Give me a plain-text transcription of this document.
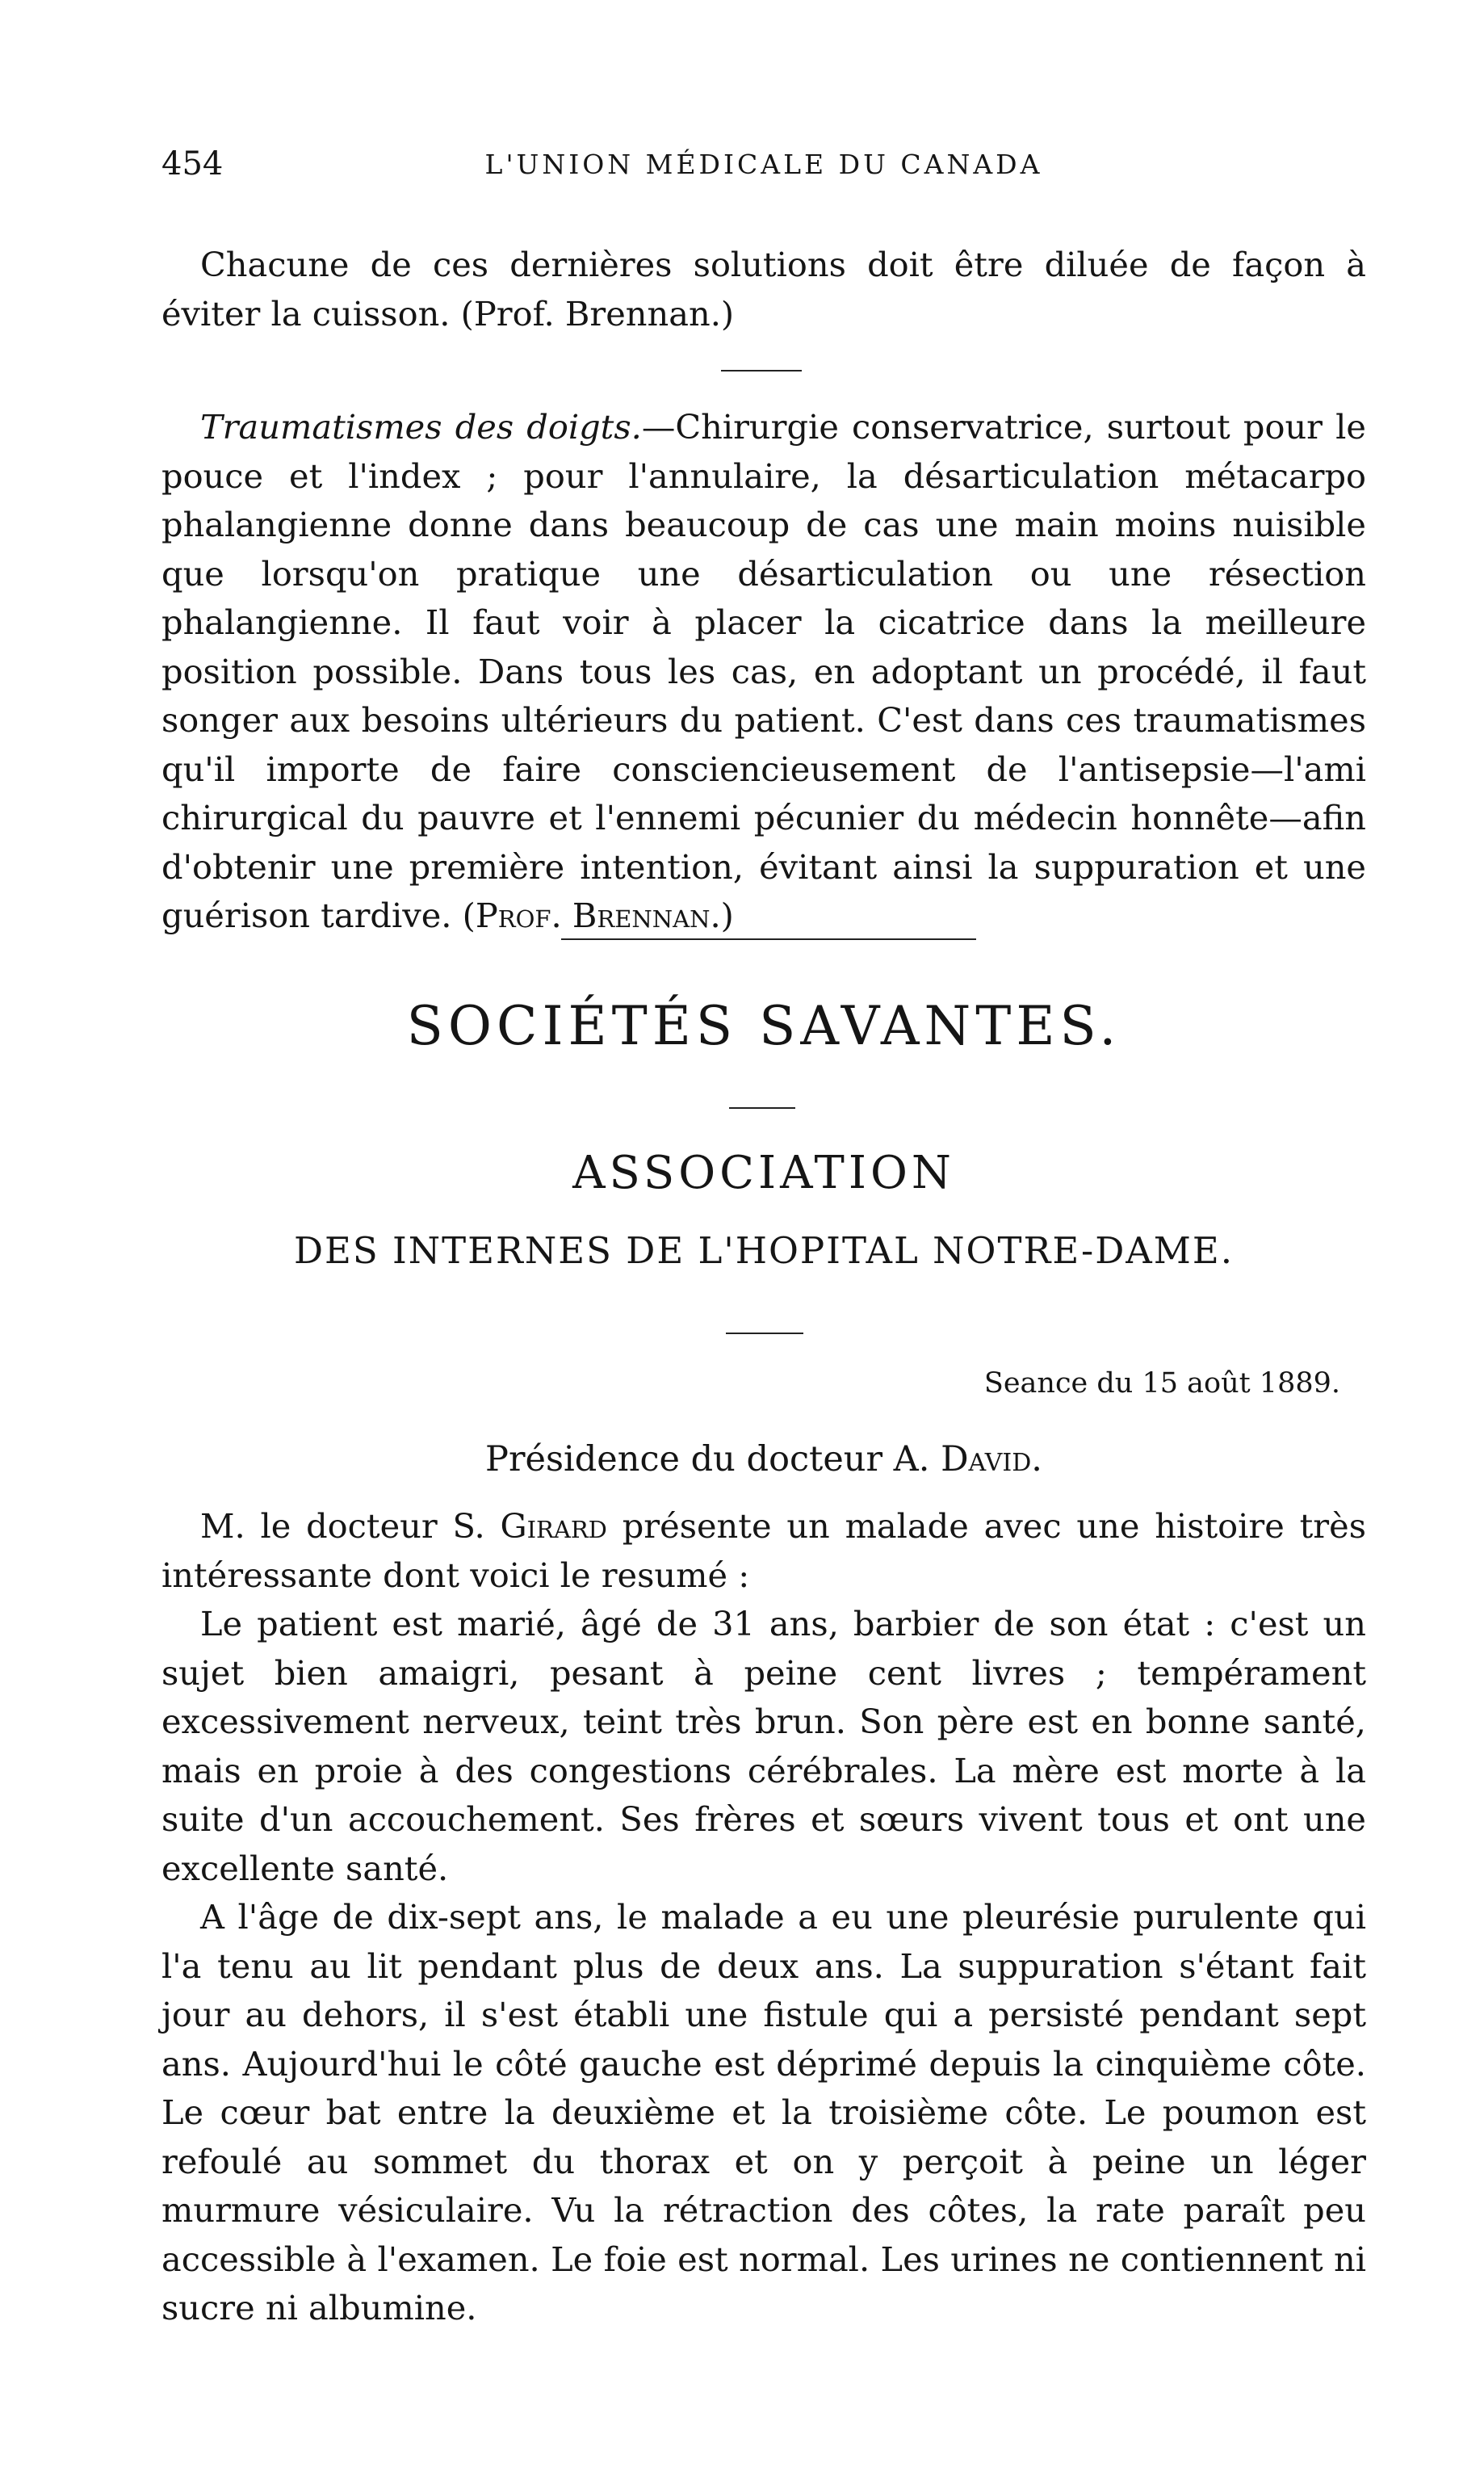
454	L'UNION MÉDICALE DU CANADA

Chacune de ces dernières solutions doit être diluée de façon à éviter la cuisson. (Prof. Brennan.)

Traumatismes des doigts.—Chirurgie conservatrice, surtout pour le pouce et l'index ; pour l'annulaire, la désarticulation métacarpo phalangienne donne dans beaucoup de cas une main moins nuisible que lorsqu'on pratique une désarticulation ou une résection phalangienne. Il faut voir à placer la cicatrice dans la meilleure position possible. Dans tous les cas, en adoptant un procédé, il faut songer aux besoins ultérieurs du patient. C'est dans ces traumatismes qu'il importe de faire consciencieusement de l'antisepsie—l'ami chirurgical du pauvre et l'ennemi pécunier du médecin honnête—afin d'obtenir une première intention, évitant ainsi la suppuration et une guérison tardive. (Prof. Brennan.)

SOCIÉTÉS SAVANTES.
ASSOCIATION
DES INTERNES DE L'HOPITAL NOTRE-DAME.
Seance du 15 août 1889.
Présidence du docteur A. David.

M. le docteur S. Girard présente un malade avec une histoire très intéressante dont voici le resumé :

Le patient est marié, âgé de 31 ans, barbier de son état : c'est un sujet bien amaigri, pesant à peine cent livres ; tempérament excessivement nerveux, teint très brun. Son père est en bonne santé, mais en proie à des congestions cérébrales. La mère est morte à la suite d'un accouchement. Ses frères et sœurs vivent tous et ont une excellente santé.

A l'âge de dix-sept ans, le malade a eu une pleurésie purulente qui l'a tenu au lit pendant plus de deux ans. La suppuration s'étant fait jour au dehors, il s'est établi une fistule qui a persisté pendant sept ans. Aujourd'hui le côté gauche est déprimé depuis la cinquième côte. Le cœur bat entre la deuxième et la troisième côte. Le poumon est refoulé au sommet du thorax et on y perçoit à peine un léger murmure vésiculaire. Vu la rétraction des côtes, la rate paraît peu accessible à l'examen. Le foie est normal. Les urines ne contiennent ni sucre ni albumine.
